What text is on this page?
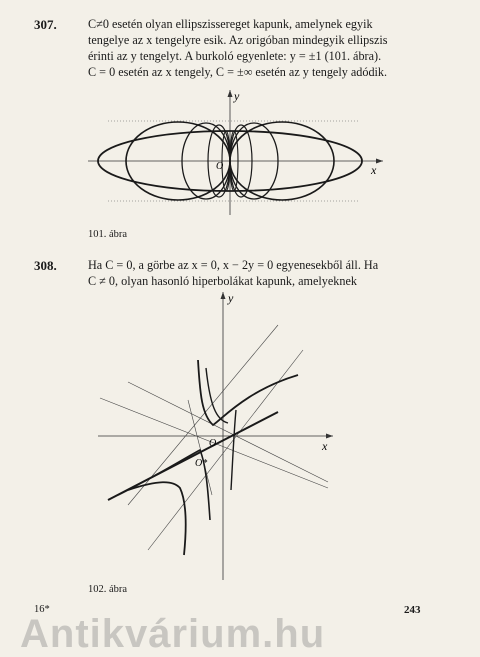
307.	C≠0 esetén olyan ellipszissereget kapunk, amelynek egyik
tengelye az x tengelyre esik. Az origóban mindegyik ellipszis
érinti az y tengelyt. A burkoló egyenlete: y = ±1 (101. ábra).
C = 0 esetén az x tengely, C = ±∞ esetén az y tengely adódik.
y
x
O
101. ábra
308.	Ha C = 0, a görbe az x = 0, x − 2y = 0 egyenesekből áll. Ha
C ≠ 0, olyan hasonló hiperbolákat kapunk, amelyeknek
y
x
O
O*
102. ábra
16*	243
Antikvárium.hu
